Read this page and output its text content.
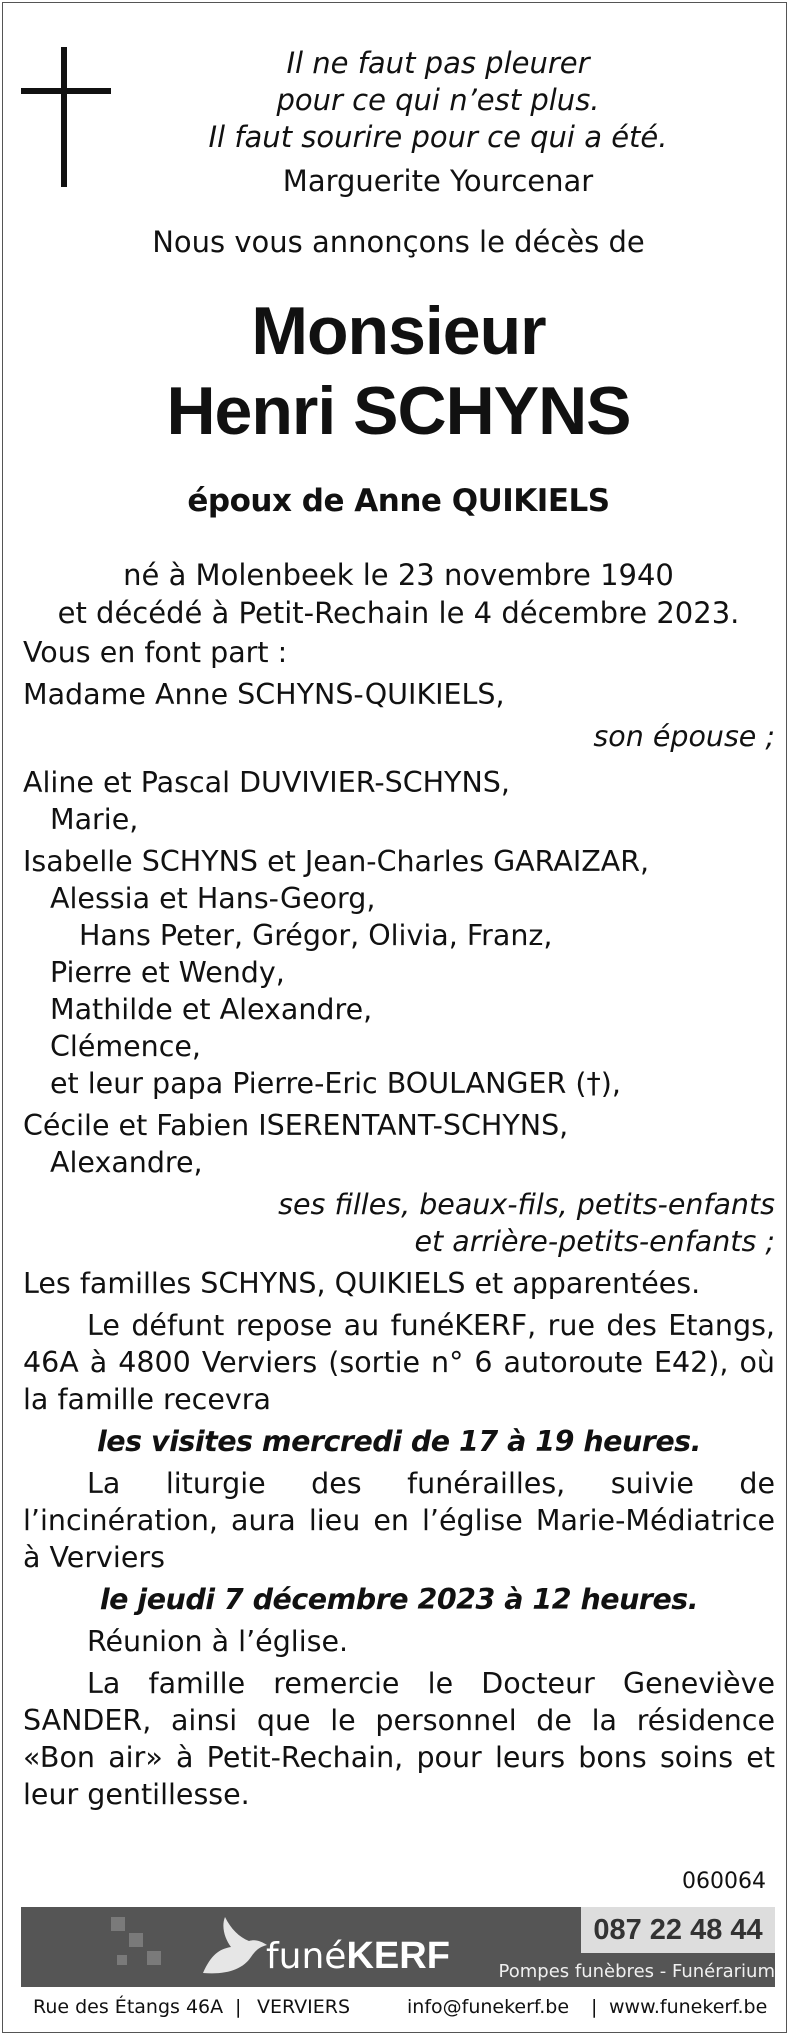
Il ne faut pas pleurer
pour ce qui n’est plus.
Il faut sourire pour ce qui a été.
Marguerite Yourcenar
Nous vous annonçons le décès de
Monsieur
Henri SCHYNS
époux de Anne QUIKIELS
né à Molenbeek le 23 novembre 1940
et décédé à Petit-Rechain le 4 décembre 2023.
Vous en font part :
Madame Anne SCHYNS-QUIKIELS,
son épouse ;
Aline et Pascal DUVIVIER-SCHYNS,
Marie,
Isabelle SCHYNS et Jean-Charles GARAIZAR,
Alessia et Hans-Georg,
Hans Peter, Grégor, Olivia, Franz,
Pierre et Wendy,
Mathilde et Alexandre,
Clémence,
et leur papa Pierre-Eric BOULANGER (†),
Cécile et Fabien ISERENTANT-SCHYNS,
Alexandre,
ses filles, beaux-fils, petits-enfants
et arrière-petits-enfants ;
Les familles SCHYNS, QUIKIELS et apparentées.
Le défunt repose au funéKERF, rue des Etangs, 46A à 4800 Verviers (sortie n° 6 autoroute E42), où la famille recevra
les visites mercredi de 17 à 19 heures.
La liturgie des funérailles, suivie de l’incinération, aura lieu en l’église Marie-Médiatrice à Verviers
le jeudi 7 décembre 2023 à 12 heures.
Réunion à l’église.
La famille remercie le Docteur Geneviève SANDER, ainsi que le personnel de la résidence «Bon air» à Petit-Rechain, pour leurs bons soins et leur gentillesse.
060064
funéKERF
087 22 48 44
Pompes funèbres - Funérarium
Rue des Étangs 46A | VERVIERS	info@funekerf.be | www.funekerf.be
